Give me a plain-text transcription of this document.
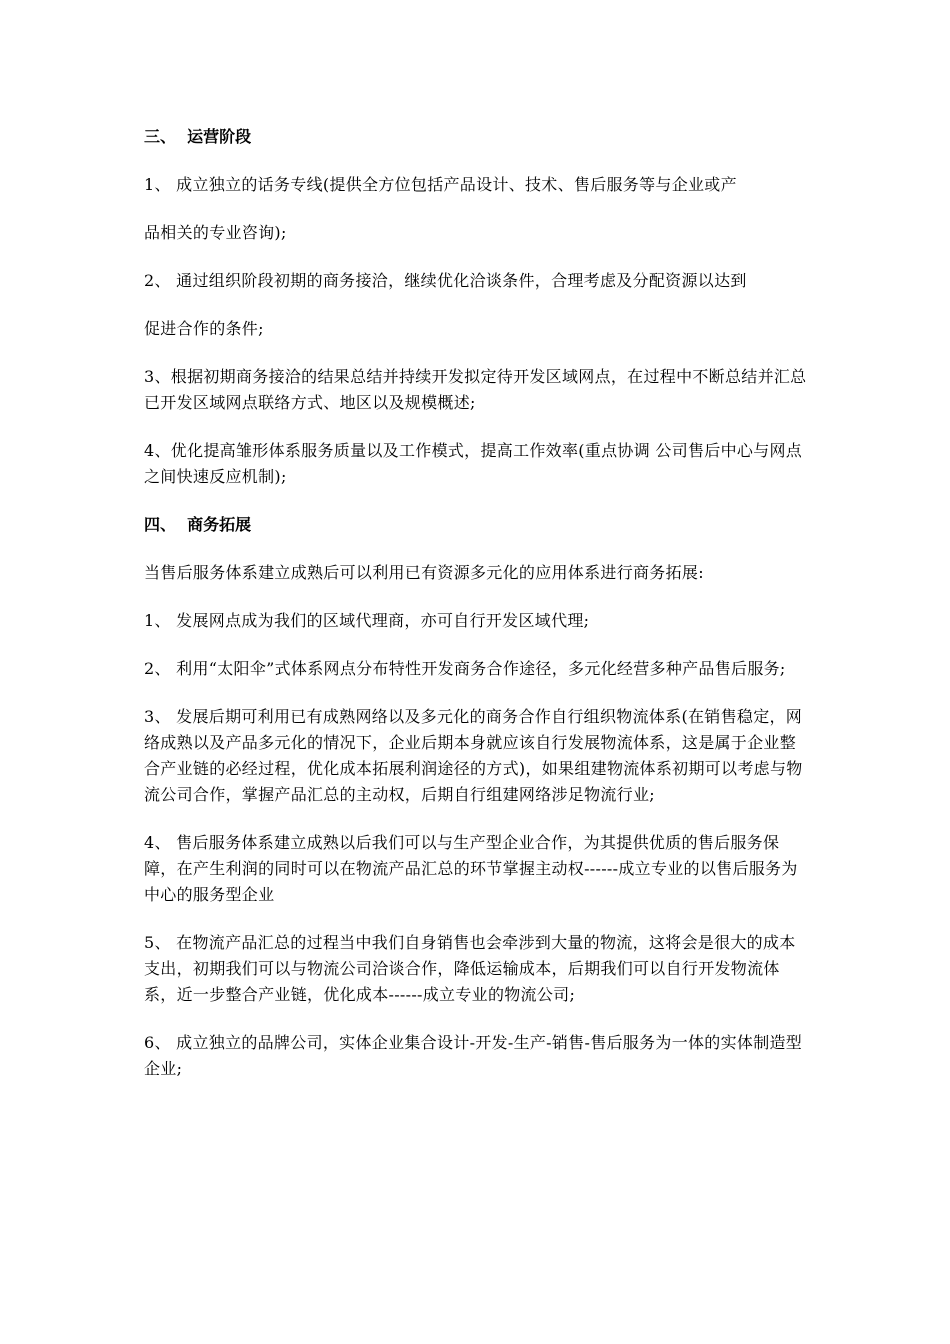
三、  运营阶段

1、 成立独立的话务专线(提供全方位包括产品设计、技术、售后服务等与企业或产

品相关的专业咨询);

2、 通过组织阶段初期的商务接洽，继续优化洽谈条件，合理考虑及分配资源以达到

促进合作的条件;

3、根据初期商务接洽的结果总结并持续开发拟定待开发区域网点，在过程中不断总结并汇总已开发区域网点联络方式、地区以及规模概述;

4、优化提高雏形体系服务质量以及工作模式，提高工作效率(重点协调 公司售后中心与网点 之间快速反应机制);

四、  商务拓展

当售后服务体系建立成熟后可以利用已有资源多元化的应用体系进行商务拓展:

1、 发展网点成为我们的区域代理商，亦可自行开发区域代理;

2、 利用“太阳伞”式体系网点分布特性开发商务合作途径，多元化经营多种产品售后服务;

3、 发展后期可利用已有成熟网络以及多元化的商务合作自行组织物流体系(在销售稳定，网络成熟以及产品多元化的情况下，企业后期本身就应该自行发展物流体系，这是属于企业整合产业链的必经过程，优化成本拓展利润途径的方式)，如果组建物流体系初期可以考虑与物流公司合作，掌握产品汇总的主动权，后期自行组建网络涉足物流行业;

4、 售后服务体系建立成熟以后我们可以与生产型企业合作，为其提供优质的售后服务保障，在产生利润的同时可以在物流产品汇总的环节掌握主动权------成立专业的以售后服务为中心的服务型企业

5、 在物流产品汇总的过程当中我们自身销售也会牵涉到大量的物流，这将会是很大的成本支出，初期我们可以与物流公司洽谈合作，降低运输成本，后期我们可以自行开发物流体系，近一步整合产业链，优化成本------成立专业的物流公司;

6、 成立独立的品牌公司，实体企业集合设计-开发-生产-销售-售后服务为一体的实体制造型企业;
